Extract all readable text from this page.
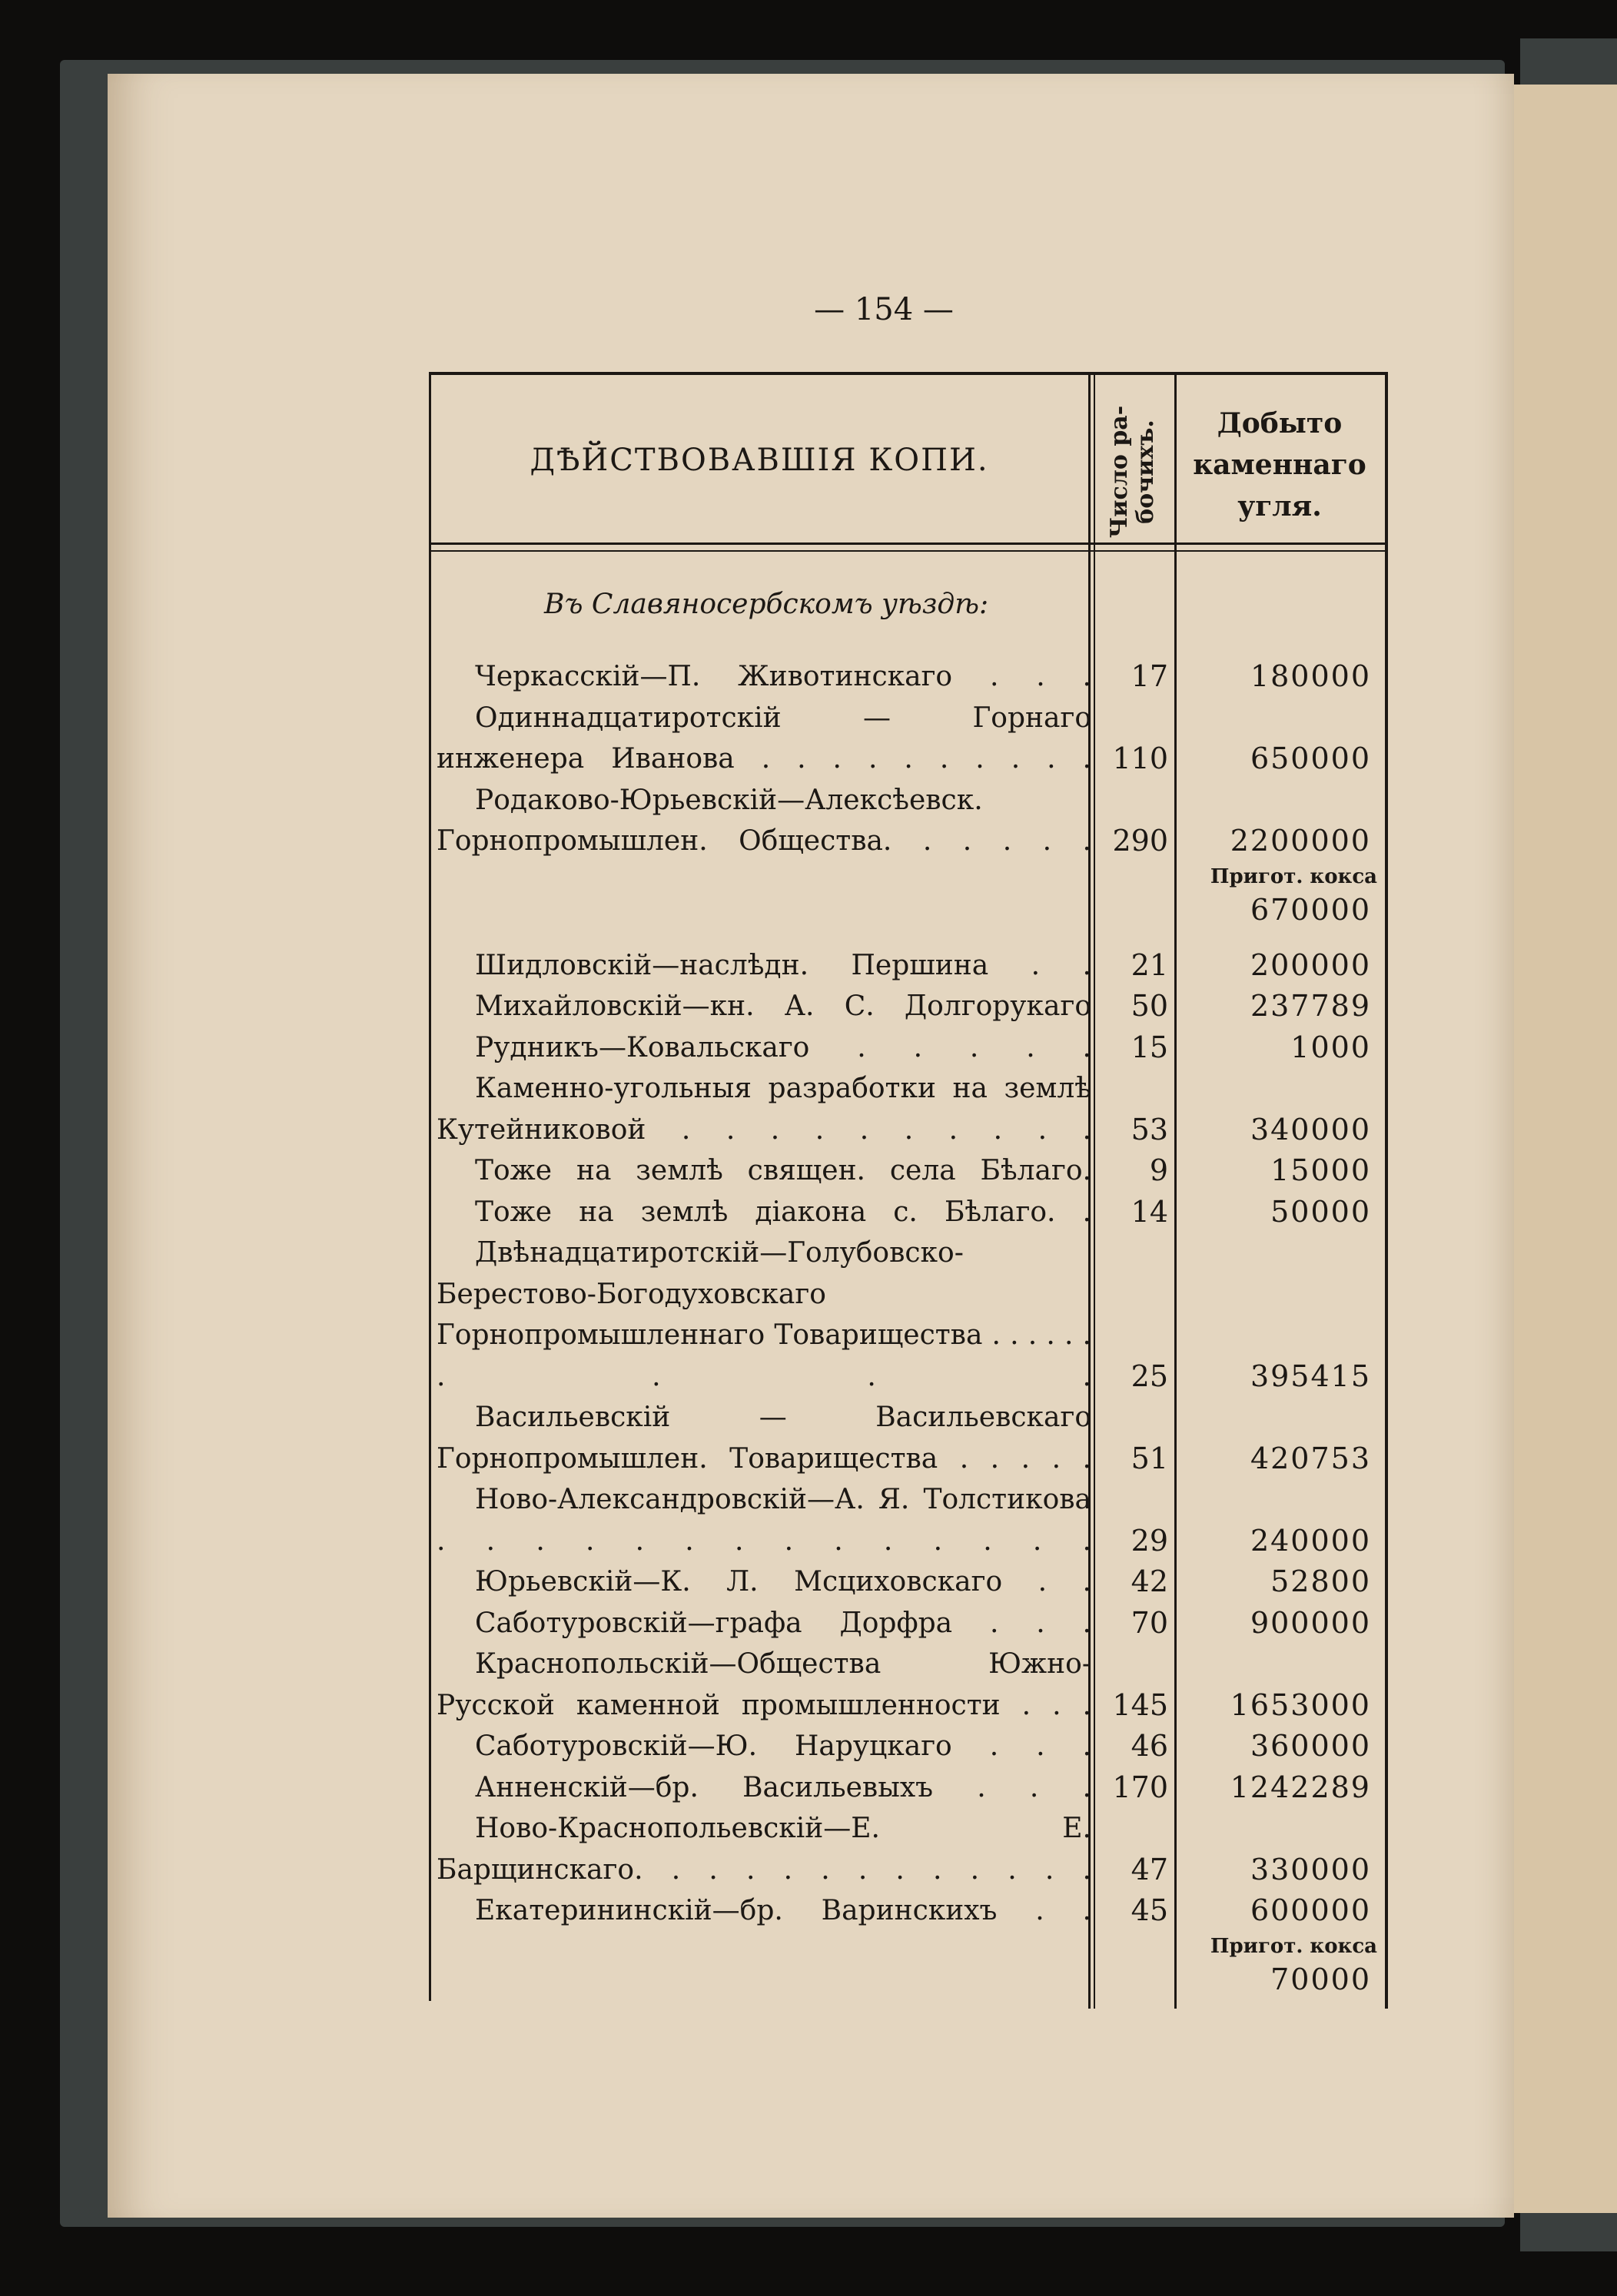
— 154 —
ДѢЙСТВОВАВШІЯ КОПИ.	Число ра-
бочихъ.	Добыто
каменнаго
угля.
Въ Славяносербскомъ уѣздѣ:
Черкасскій—П. Животинскаго . . .	17	180000
Одиннадцатиротскій — Горнаго инженера Иванова . . . . . . . . . . 110	650000
Родаково-Юрьевскій—Алексѣевск. Горнопромышлен. Общества. . . . . . 290	2200000
Пригот. кокса
670000
Шидловскій—наслѣдн. Першина . .	21	200000
Михайловскій—кн. А. С. Долгорукаго	50	237789
Рудникъ—Ковальскаго . . . . .	15	1000
Каменно-угольныя разработки на землѣ Кутейниковой . . . . . . . . . .	53	340000
Тоже на землѣ священ. села Бѣлаго.	9	15000
Тоже на землѣ діакона с. Бѣлаго. .	14	50000
Двѣнадцатиротскій—Голубовско-Берестово-Богодуховскаго Горнопромышленнаго Товарищества . . . . . . . . . .	25	395415
Васильевскій — Васильевскаго Горнопромышлен. Товарищества . . . . .	51	420753
Ново-Александровскій—А. Я. Толстикова . . . . . . . . . . . . . .	29	240000
Юрьевскій—К. Л. Мсциховскаго . .	42	52800
Саботуровскій—графа Дорфра . . .	70	900000
Краснопольскій—Общества Южно-Русской каменной промышленности . . . 145	1653000
Саботуровскій—Ю. Наруцкаго . . .	46	360000
Анненскій—бр. Васильевыхъ . . . 170	1242289
Ново-Краснопольевскій—Е. Е. Барщинскаго. . . . . . . . . . . . .	47	330000
Екатерининскій—бр. Варинскихъ . .	45	600000
Пригот. кокса
70000
